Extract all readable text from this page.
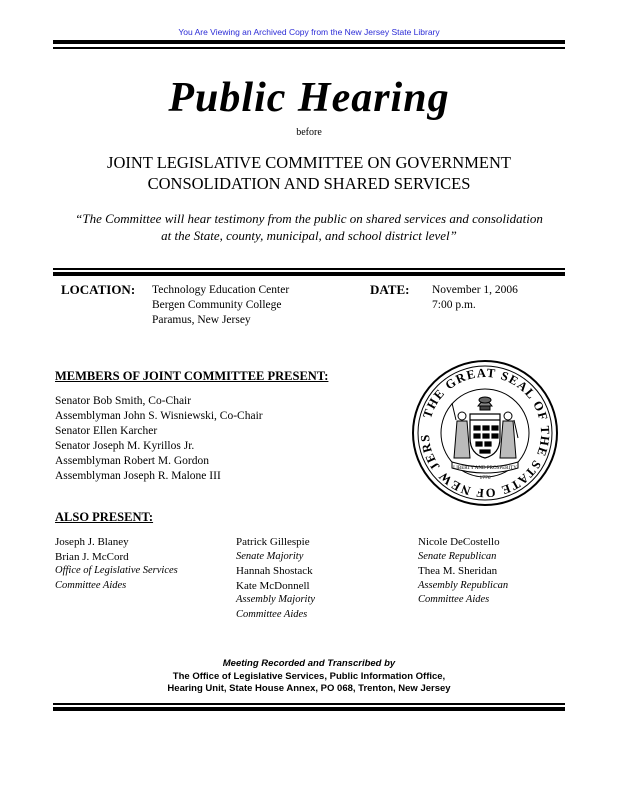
You Are Viewing an Archived Copy from the New Jersey State Library
Public Hearing
before
JOINT LEGISLATIVE COMMITTEE ON GOVERNMENT
CONSOLIDATION AND SHARED SERVICES
“The Committee will hear testimony from the public on shared services and consolidation
at the State, county, municipal, and school district level”
LOCATION: Technology Education Center
Bergen Community College
Paramus, New Jersey
DATE: November 1, 2006
7:00 p.m.
MEMBERS OF JOINT COMMITTEE PRESENT:
Senator Bob Smith, Co-Chair
Assemblyman John S. Wisniewski, Co-Chair
Senator Ellen Karcher
Senator Joseph M. Kyrillos Jr.
Assemblyman Robert M. Gordon
Assemblyman Joseph R. Malone III
THE GREAT SEAL OF THE STATE OF NEW JERS
LIBERTY AND PROSPERITY
1776
ALSO PRESENT:
Joseph J. Blaney
Brian J. McCord
Office of Legislative Services
Committee Aides
Patrick Gillespie
Senate Majority
Hannah Shostack
Kate McDonnell
Assembly Majority
Committee Aides
Nicole DeCostello
Senate Republican
Thea M. Sheridan
Assembly Republican
Committee Aides
Meeting Recorded and Transcribed by
The Office of Legislative Services, Public Information Office,
Hearing Unit, State House Annex, PO 068, Trenton, New Jersey
